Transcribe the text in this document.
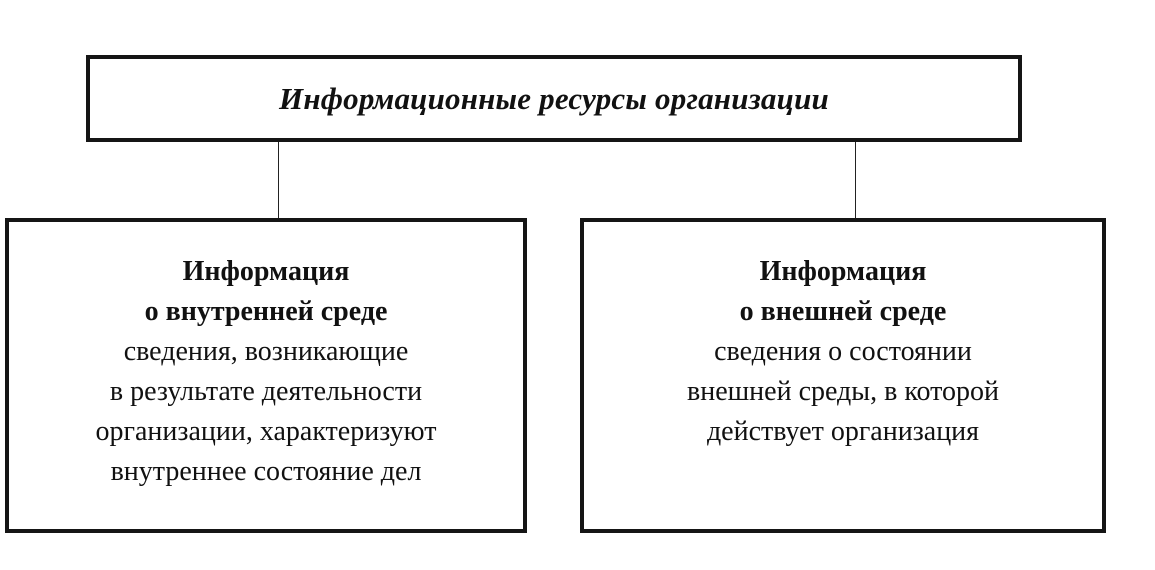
Информационные ресурсы организации
Информация
о внутренней среде
сведения, возникающие
в результате деятельности
организации, характеризуют
внутреннее состояние дел
Информация
о внешней среде
сведения о состоянии
внешней среды, в которой
действует организация
